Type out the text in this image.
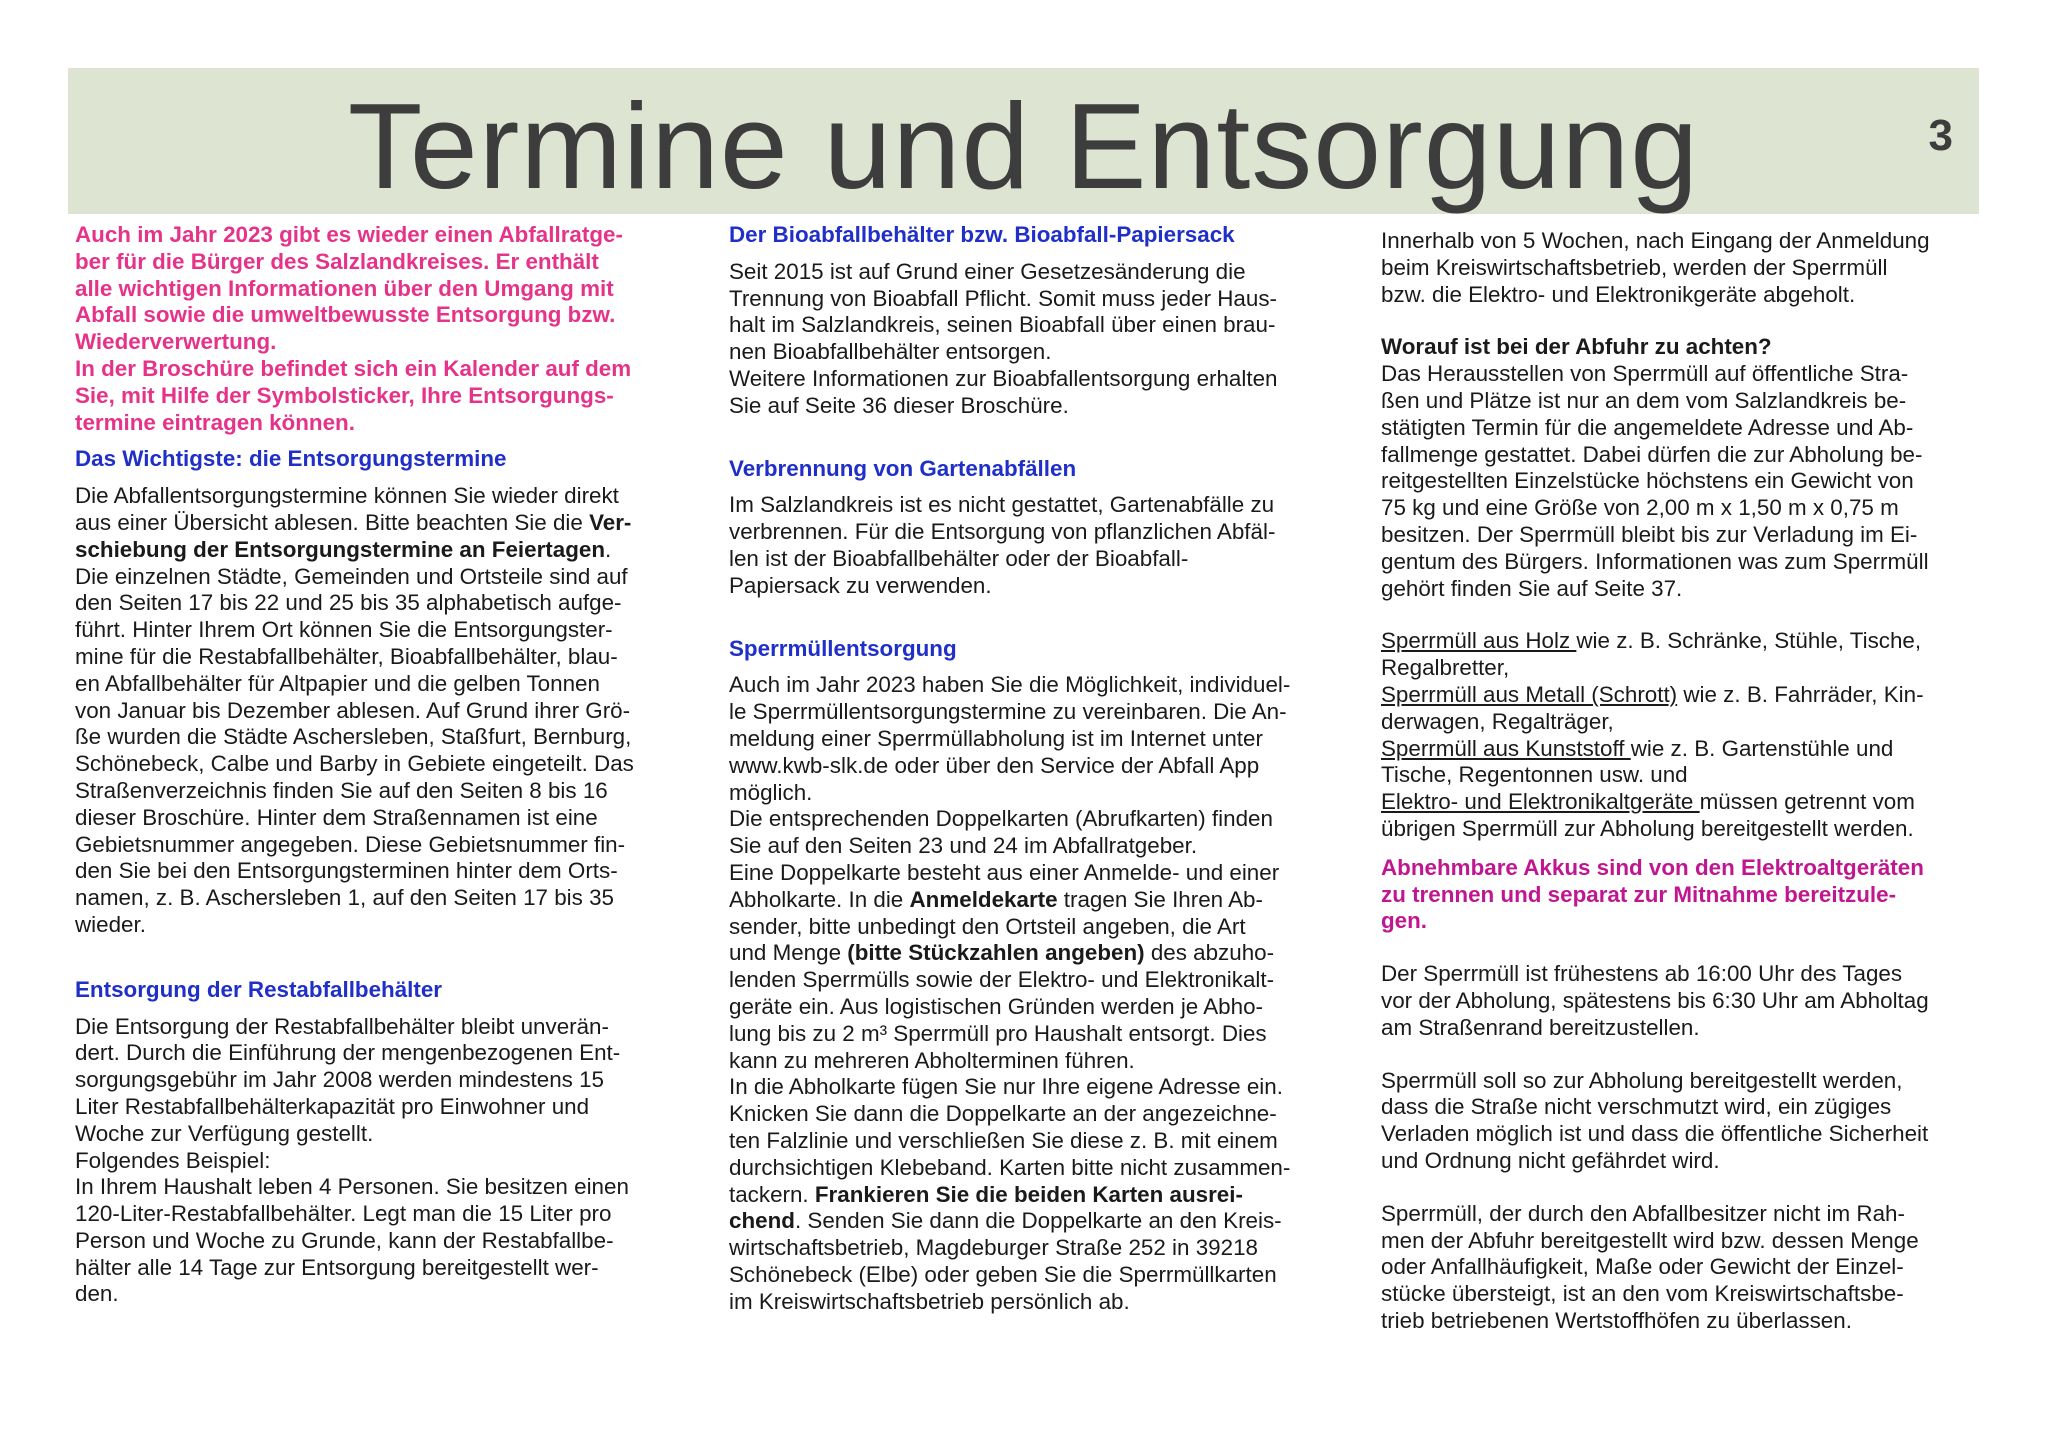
Termine und Entsorgung	3

Auch im Jahr 2023 gibt es wieder einen Abfallratge-
ber für die Bürger des Salzlandkreises. Er enthält
alle wichtigen Informationen über den Umgang mit
Abfall sowie die umweltbewusste Entsorgung bzw.
Wiederverwertung.
In der Broschüre befindet sich ein Kalender auf dem
Sie, mit Hilfe der Symbolsticker, Ihre Entsorgungs-
termine eintragen können.

Das Wichtigste: die Entsorgungstermine

Die Abfallentsorgungstermine können Sie wieder direkt
aus einer Übersicht ablesen. Bitte beachten Sie die Ver-
schiebung der Entsorgungstermine an Feiertagen.
Die einzelnen Städte, Gemeinden und Ortsteile sind auf
den Seiten 17 bis 22 und 25 bis 35 alphabetisch aufge-
führt. Hinter Ihrem Ort können Sie die Entsorgungster-
mine für die Restabfallbehälter, Bioabfallbehälter, blau-
en Abfallbehälter für Altpapier und die gelben Tonnen
von Januar bis Dezember ablesen. Auf Grund ihrer Grö-
ße wurden die Städte Aschersleben, Staßfurt, Bernburg,
Schönebeck, Calbe und Barby in Gebiete eingeteilt. Das
Straßenverzeichnis finden Sie auf den Seiten 8 bis 16
dieser Broschüre. Hinter dem Straßennamen ist eine
Gebietsnummer angegeben. Diese Gebietsnummer fin-
den Sie bei den Entsorgungsterminen hinter dem Orts-
namen, z. B. Aschersleben 1, auf den Seiten 17 bis 35
wieder.

Entsorgung der Restabfallbehälter

Die Entsorgung der Restabfallbehälter bleibt unverän-
dert. Durch die Einführung der mengenbezogenen Ent-
sorgungsgebühr im Jahr 2008 werden mindestens 15
Liter Restabfallbehälterkapazität pro Einwohner und
Woche zur Verfügung gestellt.
Folgendes Beispiel:
In Ihrem Haushalt leben 4 Personen. Sie besitzen einen
120-Liter-Restabfallbehälter. Legt man die 15 Liter pro
Person und Woche zu Grunde, kann der Restabfallbe-
hälter alle 14 Tage zur Entsorgung bereitgestellt wer-
den.

Der Bioabfallbehälter bzw. Bioabfall-Papiersack

Seit 2015 ist auf Grund einer Gesetzesänderung die
Trennung von Bioabfall Pflicht. Somit muss jeder Haus-
halt im Salzlandkreis, seinen Bioabfall über einen brau-
nen Bioabfallbehälter entsorgen.
Weitere Informationen zur Bioabfallentsorgung erhalten
Sie auf Seite 36 dieser Broschüre.

Verbrennung von Gartenabfällen

Im Salzlandkreis ist es nicht gestattet, Gartenabfälle zu
verbrennen. Für die Entsorgung von pflanzlichen Abfäl-
len ist der Bioabfallbehälter oder der Bioabfall-
Papiersack zu verwenden.

Sperrmüllentsorgung

Auch im Jahr 2023 haben Sie die Möglichkeit, individuel-
le Sperrmüllentsorgungstermine zu vereinbaren. Die An-
meldung einer Sperrmüllabholung ist im Internet unter
www.kwb-slk.de oder über den Service der Abfall App
möglich.
Die entsprechenden Doppelkarten (Abrufkarten) finden
Sie auf den Seiten 23 und 24 im Abfallratgeber.
Eine Doppelkarte besteht aus einer Anmelde- und einer
Abholkarte. In die Anmeldekarte tragen Sie Ihren Ab-
sender, bitte unbedingt den Ortsteil angeben, die Art
und Menge (bitte Stückzahlen angeben) des abzuho-
lenden Sperrmülls sowie der Elektro- und Elektronikalt-
geräte ein. Aus logistischen Gründen werden je Abho-
lung bis zu 2 m³ Sperrmüll pro Haushalt entsorgt. Dies
kann zu mehreren Abholterminen führen.
In die Abholkarte fügen Sie nur Ihre eigene Adresse ein.
Knicken Sie dann die Doppelkarte an der angezeichne-
ten Falzlinie und verschließen Sie diese z. B. mit einem
durchsichtigen Klebeband. Karten bitte nicht zusammen-
tackern. Frankieren Sie die beiden Karten ausrei-
chend. Senden Sie dann die Doppelkarte an den Kreis-
wirtschaftsbetrieb, Magdeburger Straße 252 in 39218
Schönebeck (Elbe) oder geben Sie die Sperrmüllkarten
im Kreiswirtschaftsbetrieb persönlich ab.

Innerhalb von 5 Wochen, nach Eingang der Anmeldung
beim Kreiswirtschaftsbetrieb, werden der Sperrmüll
bzw. die Elektro- und Elektronikgeräte abgeholt.

Worauf ist bei der Abfuhr zu achten?

Das Herausstellen von Sperrmüll auf öffentliche Stra-
ßen und Plätze ist nur an dem vom Salzlandkreis be-
stätigten Termin für die angemeldete Adresse und Ab-
fallmenge gestattet. Dabei dürfen die zur Abholung be-
reitgestellten Einzelstücke höchstens ein Gewicht von
75 kg und eine Größe von 2,00 m x 1,50 m x 0,75 m
besitzen. Der Sperrmüll bleibt bis zur Verladung im Ei-
gentum des Bürgers. Informationen was zum Sperrmüll
gehört finden Sie auf Seite 37.

Sperrmüll aus Holz wie z. B. Schränke, Stühle, Tische,
Regalbretter,
Sperrmüll aus Metall (Schrott) wie z. B. Fahrräder, Kin-
derwagen, Regalträger,
Sperrmüll aus Kunststoff wie z. B. Gartenstühle und
Tische, Regentonnen usw. und
Elektro- und Elektronikaltgeräte müssen getrennt vom
übrigen Sperrmüll zur Abholung bereitgestellt werden.

Abnehmbare Akkus sind von den Elektroaltgeräten
zu trennen und separat zur Mitnahme bereitzule-
gen.

Der Sperrmüll ist frühestens ab 16:00 Uhr des Tages
vor der Abholung, spätestens bis 6:30 Uhr am Abholtag
am Straßenrand bereitzustellen.

Sperrmüll soll so zur Abholung bereitgestellt werden,
dass die Straße nicht verschmutzt wird, ein zügiges
Verladen möglich ist und dass die öffentliche Sicherheit
und Ordnung nicht gefährdet wird.

Sperrmüll, der durch den Abfallbesitzer nicht im Rah-
men der Abfuhr bereitgestellt wird bzw. dessen Menge
oder Anfallhäufigkeit, Maße oder Gewicht der Einzel-
stücke übersteigt, ist an den vom Kreiswirtschaftsbe-
trieb betriebenen Wertstoffhöfen zu überlassen.
